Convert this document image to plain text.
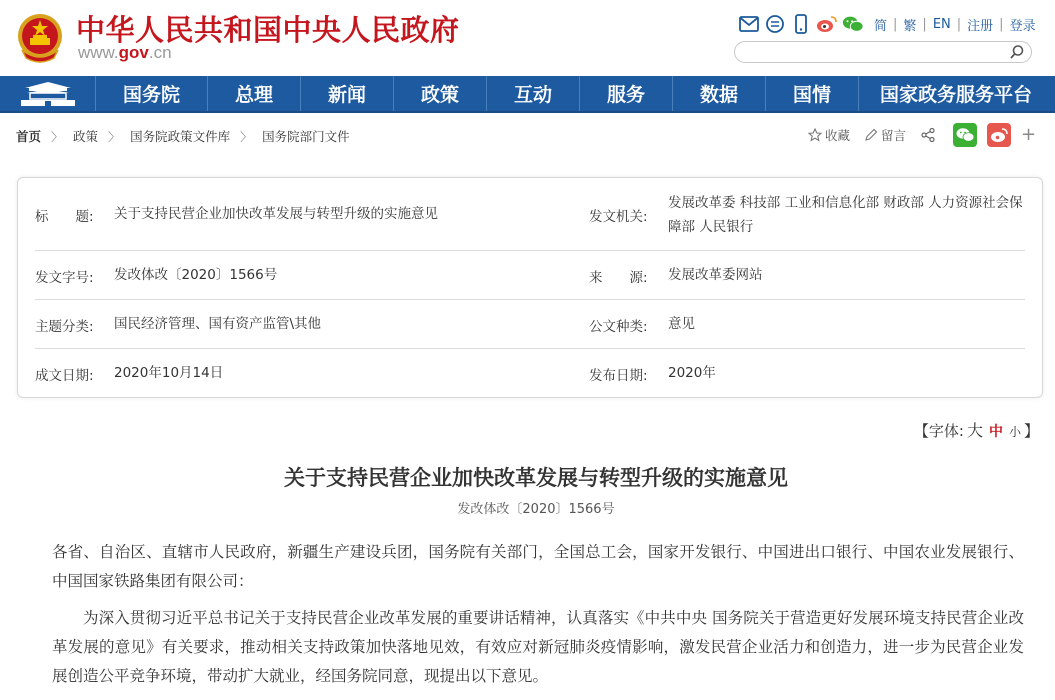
中华人民共和国中央人民政府
www.gov.cn
简 | 繁 | EN | 注册 | 登录
国务院	总理	新闻	政策	互动	服务	数据	国情	国家政务服务平台
首页 〉 政策 〉 国务院政策文件库 〉 国务院部门文件	收藏 留言	+
标　　题: 关于支持民营企业加快改革发展与转型升级的实施意见	发文机关:
发展改革委 科技部 工业和信息化部 财政部 人力资源社会保障部 人民银行
发文字号: 发改体改〔2020〕1566号	来　　源: 发展改革委网站
主题分类: 国民经济管理、国有资产监管\其他	公文种类: 意见
成文日期: 2020年10月14日	发布日期: 2020年
【字体: 大 中 小 】
关于支持民营企业加快改革发展与转型升级的实施意见
发改体改〔2020〕1566号

各省、自治区、直辖市人民政府，新疆生产建设兵团，国务院有关部门，全国总工会，国家开发银行、中国进出口银行、中国农业发展银行、中国国家铁路集团有限公司：

为深入贯彻习近平总书记关于支持民营企业改革发展的重要讲话精神，认真落实《中共中央 国务院关于营造更好发展环境支持民营企业改革发展的意见》有关要求，推动相关支持政策加快落地见效，有效应对新冠肺炎疫情影响，激发民营企业活力和创造力，进一步为民营企业发展创造公平竞争环境，带动扩大就业，经国务院同意，现提出以下意见。
